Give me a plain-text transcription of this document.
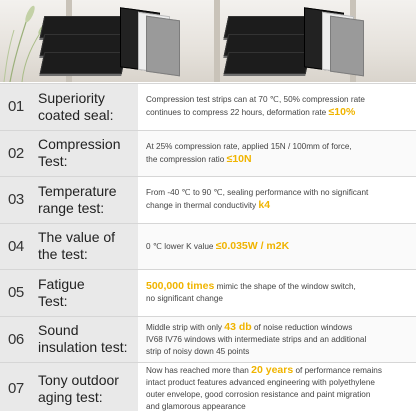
01
Superiority
coated seal:
Compression test strips can at 70 ℃, 50% compression rate
continues to compress 22 hours, deformation rate ≤10%
02
Compression
Test:
At 25% compression rate, applied 15N / 100mm of force,
the compression ratio ≤10N
03
Temperature
range test:
From -40 ℃ to 90 ℃, sealing performance with no significant
change in thermal conductivity k4
04
The value of
the test:	0 ℃ lower K value ≤0.035W / m2K
05
Fatigue
Test:
500,000 times mimic the shape of the window switch,
no significant change
06
Sound
insulation test:
Middle strip with only 43 db of noise reduction windows
IV68 IV76 windows with intermediate strips and an additional
strip of noisy down 45 points
07
Tony outdoor
aging test:
Now has reached more than 20 years of performance remains
intact product features advanced engineering with polyethylene
outer envelope, good corrosion resistance and paint migration
and glamorous appearance
